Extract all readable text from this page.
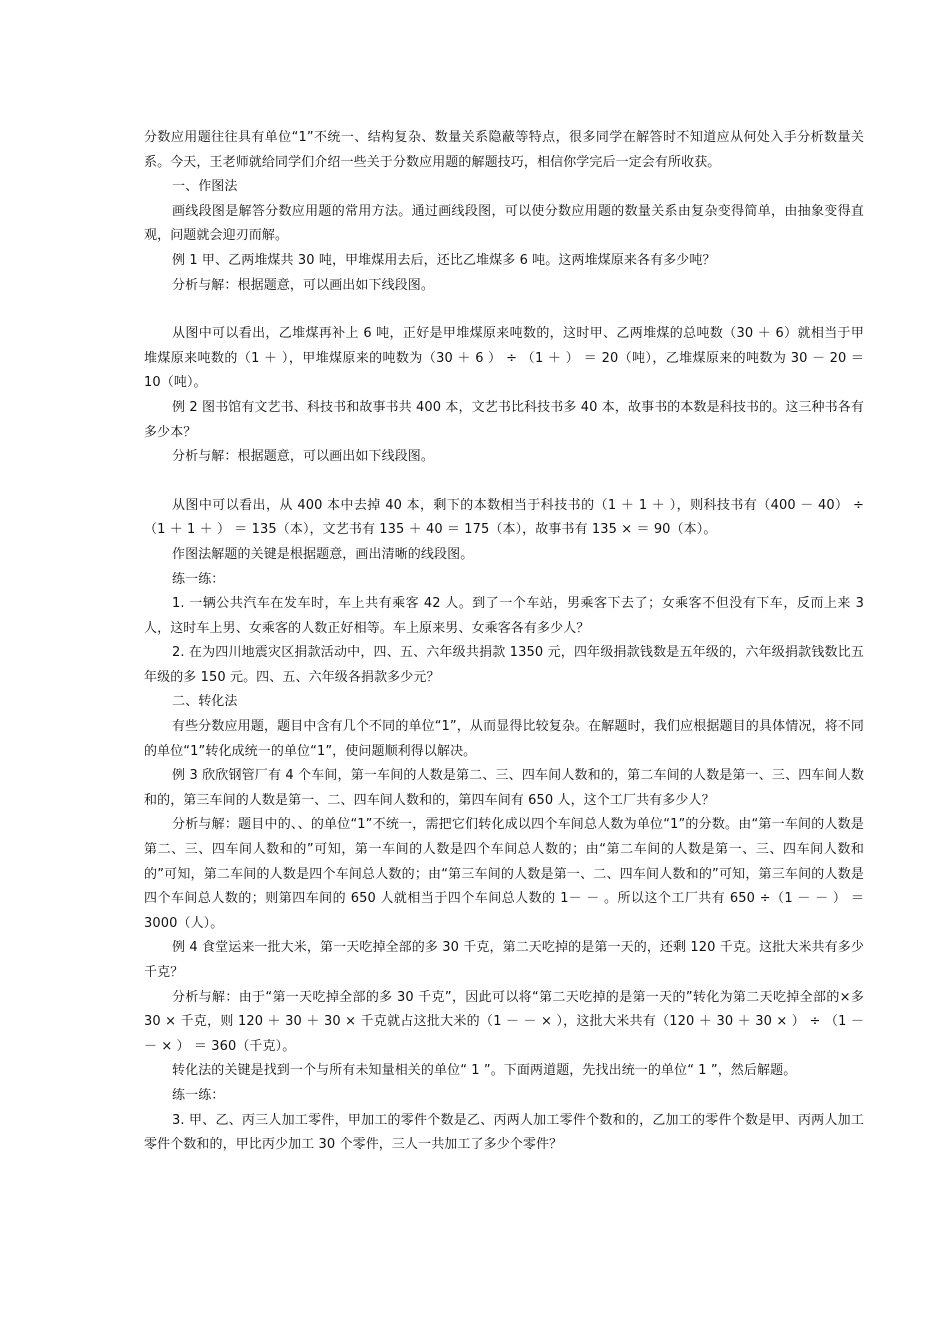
分数应用题往往具有单位“1”不统一、结构复杂、数量关系隐蔽等特点，很多同学在解答时不知道应从何处入手分析数量关系。今天，王老师就给同学们介绍一些关于分数应用题的解题技巧，相信你学完后一定会有所收获。

一、作图法

画线段图是解答分数应用题的常用方法。通过画线段图，可以使分数应用题的数量关系由复杂变得简单，由抽象变得直观，问题就会迎刃而解。

例 1 甲、乙两堆煤共 30 吨，甲堆煤用去后，还比乙堆煤多 6 吨。这两堆煤原来各有多少吨？

分析与解：根据题意，可以画出如下线段图。

从图中可以看出，乙堆煤再补上 6 吨，正好是甲堆煤原来吨数的，这时甲、乙两堆煤的总吨数（30 ＋ 6）就相当于甲堆煤原来吨数的（1 ＋ ），甲堆煤原来的吨数为（30 ＋ 6 ） ÷ （1 ＋ ） ＝ 20（吨），乙堆煤原来的吨数为 30 － 20 ＝ 10（吨）。

例 2 图书馆有文艺书、科技书和故事书共 400 本，文艺书比科技书多 40 本，故事书的本数是科技书的。这三种书各有多少本？

分析与解：根据题意，可以画出如下线段图。

从图中可以看出，从 400 本中去掉 40 本，剩下的本数相当于科技书的（1 ＋ 1 ＋ ），则科技书有（400 － 40） ÷ （1 ＋ 1 ＋ ） ＝ 135（本），文艺书有 135 ＋ 40 ＝ 175（本），故事书有 135 × ＝ 90（本）。

作图法解题的关键是根据题意，画出清晰的线段图。

练一练：

1. 一辆公共汽车在发车时，车上共有乘客 42 人。到了一个车站，男乘客下去了；女乘客不但没有下车，反而上来 3 人，这时车上男、女乘客的人数正好相等。车上原来男、女乘客各有多少人？

2. 在为四川地震灾区捐款活动中，四、五、六年级共捐款 1350 元，四年级捐款钱数是五年级的，六年级捐款钱数比五年级的多 150 元。四、五、六年级各捐款多少元？

二、转化法

有些分数应用题，题目中含有几个不同的单位“1”，从而显得比较复杂。在解题时，我们应根据题目的具体情况，将不同的单位“1”转化成统一的单位“1”，使问题顺利得以解决。

例 3 欣欣钢管厂有 4 个车间，第一车间的人数是第二、三、四车间人数和的，第二车间的人数是第一、三、四车间人数和的，第三车间的人数是第一、二、四车间人数和的，第四车间有 650 人，这个工厂共有多少人？

分析与解：题目中的、、的单位“1”不统一，需把它们转化成以四个车间总人数为单位“1”的分数。由“第一车间的人数是第二、三、四车间人数和的”可知，第一车间的人数是四个车间总人数的；由“第二车间的人数是第一、三、四车间人数和的”可知，第二车间的人数是四个车间总人数的；由“第三车间的人数是第一、二、四车间人数和的”可知，第三车间的人数是四个车间总人数的；则第四车间的 650 人就相当于四个车间总人数的 1－ － 。所以这个工厂共有 650 ÷（1 － － ） ＝3000（人）。

例 4 食堂运来一批大米，第一天吃掉全部的多 30 千克，第二天吃掉的是第一天的，还剩 120 千克。这批大米共有多少千克？

分析与解：由于“第一天吃掉全部的多 30 千克”，因此可以将“第二天吃掉的是第一天的”转化为第二天吃掉全部的×多 30 × 千克，则 120 ＋ 30 ＋ 30 × 千克就占这批大米的（1 － － × ），这批大米共有（120 ＋ 30 ＋ 30 × ） ÷ （1 － － × ） ＝ 360（千克）。

转化法的关键是找到一个与所有未知量相关的单位“ 1 ”。下面两道题，先找出统一的单位“ 1 ”，然后解题。

练一练：

3. 甲、乙、丙三人加工零件，甲加工的零件个数是乙、丙两人加工零件个数和的，乙加工的零件个数是甲、丙两人加工零件个数和的，甲比丙少加工 30 个零件，三人一共加工了多少个零件？
